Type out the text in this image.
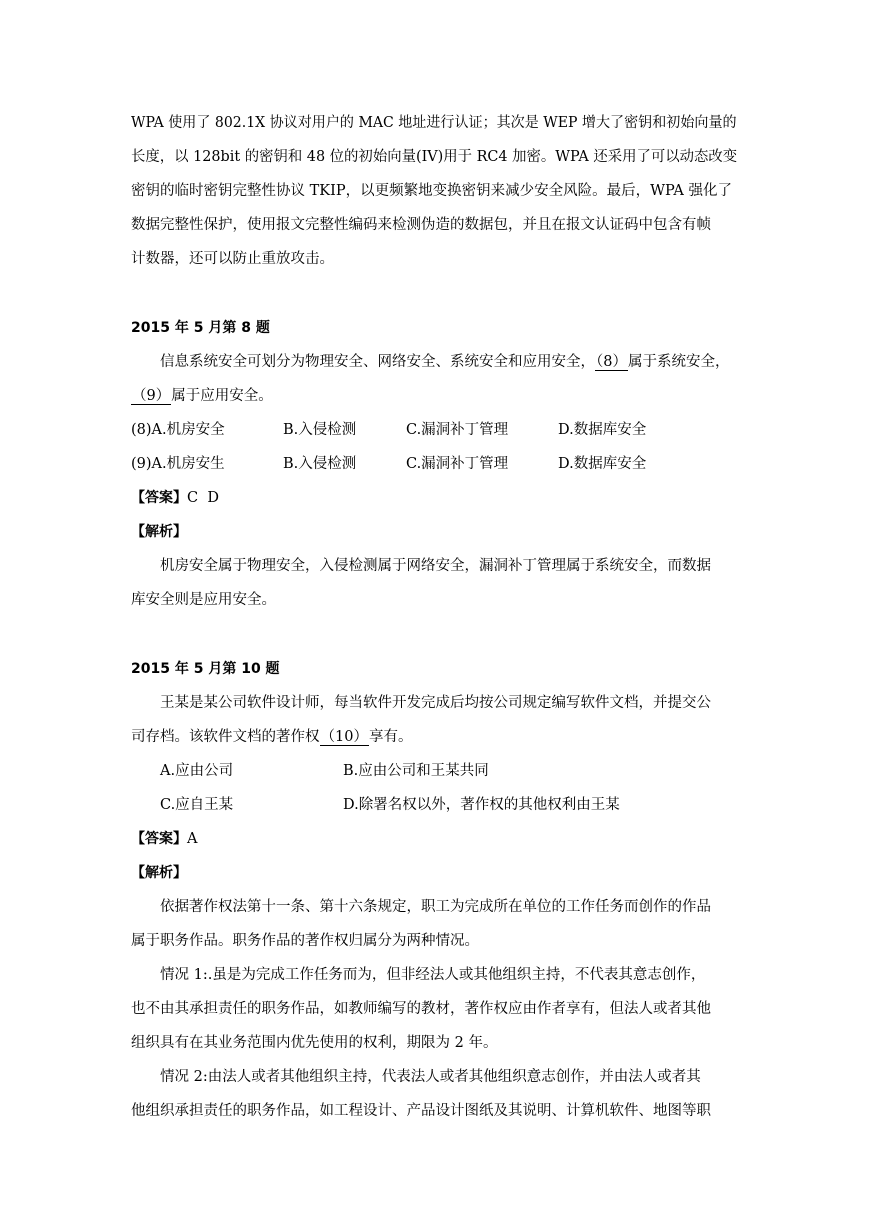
WPA 使用了 802.1X 协议对用户的 MAC 地址进行认证；其次是 WEP 增大了密钥和初始向量的
长度，以 128bit 的密钥和 48 位的初始向量(IV)用于 RC4 加密。WPA 还采用了可以动态改变
密钥的临时密钥完整性协议 TKIP，以更频繁地变换密钥来减少安全风险。最后，WPA 强化了
数据完整性保护，使用报文完整性编码来检测伪造的数据包，并且在报文认证码中包含有帧
计数器，还可以防止重放攻击。
2015 年 5 月第 8 题
信息系统安全可划分为物理安全、网络安全、系统安全和应用安全，（8）属于系统安全，
（9）属于应用安全。
(8)A.机房安全	B.入侵检测	C.漏洞补丁管理	D.数据库安全
(9)A.机房安生	B.入侵检测	C.漏洞补丁管理	D.数据库安全
【答案】C  D
【解析】
机房安全属于物理安全，入侵检测属于网络安全，漏洞补丁管理属于系统安全，而数据
库安全则是应用安全。
2015 年 5 月第 10 题
王某是某公司软件设计师，每当软件开发完成后均按公司规定编写软件文档，并提交公
司存档。该软件文档的著作权（10）享有。
A.应由公司	B.应由公司和王某共同
C.应自王某	D.除署名权以外，著作权的其他权利由王某
【答案】A
【解析】
依据著作权法第十一条、第十六条规定，职工为完成所在单位的工作任务而创作的作品
属于职务作品。职务作品的著作权归属分为两种情况。
情况 1:.虽是为完成工作任务而为，但非经法人或其他组织主持，不代表其意志创作，
也不由其承担责任的职务作品，如教师编写的教材，著作权应由作者享有，但法人或者其他
组织具有在其业务范围内优先使用的权利，期限为 2 年。
情况 2:由法人或者其他组织主持，代表法人或者其他组织意志创作，并由法人或者其
他组织承担责任的职务作品，如工程设计、产品设计图纸及其说明、计算机软件、地图等职
